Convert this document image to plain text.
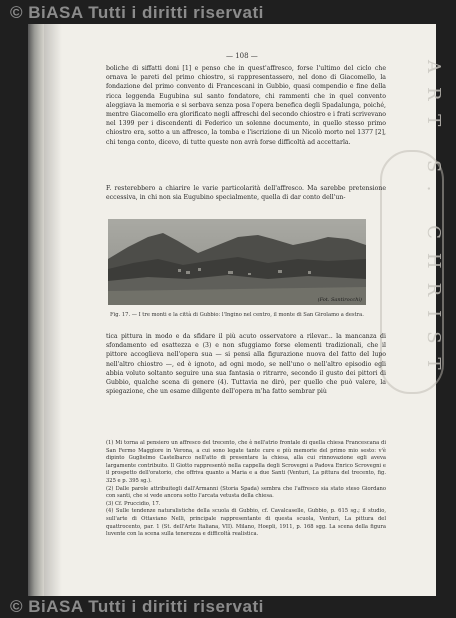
© BiASA Tutti i diritti riservati
ART S. CHRIST
— 108 —

boliche di siffatti doni [1] e penso che in quest'affresco, forse l'ultimo del ciclo che ornava le pareti del primo chiostro, si rappresentassero, nel dono di Giacomello, la fondazione del primo convento di Francescani in Gubbio, quasi compendio e fine della ricca leggenda Eugubina sul santo fondatore, chi rammenti che in quel convento aleggiava la memoria e si serbava senza posa l'opera benefica degli Spadalunga, poiché, mentre Giacomello era glorificato negli affreschi del secondo chiostro e i frati scrivevano nel 1399 per i discendenti di Federico un solenne documento, in quello stesso primo chiostro era, sotto a un affresco, la tomba e l'iscrizione di un Nicolò morto nel 1377 [2], chi tenga conto, dicevo, di tutte queste non avrà forse difficoltà ad accettarla.

F. resterebbero a chiarire le varie particolarità dell'affresco. Ma sarebbe pretensione eccessiva, in chi non sia Eugubino specialmente, quella di dar conto dell'un-

(Fot. Santirocchi)
Fig. 17. — I tre monti e la città di Gubbio: l'Ingino nel centro, il monte di San Girolamo a destra.

tica pittura in modo e da sfidare il più acuto osservatore a rilevar... la mancanza di sfondamento ed esattezza e (3) e non sfuggiamo forse elementi tradizionali, che il pittore accoglieva nell'opera sua — si pensi alla figurazione nuova del fatto del lupo nell'altro chiostro —, ed è ignoto, ad ogni modo, se nell'uno o nell'altro episodio egli abbia voluto soltanto seguire una sua fantasia o ritrarre, secondo il gusto dei pittori di Gubbio, qualche scena di genere (4). Tuttavia ne dirò, per quello che può valere, la spiegazione, che un esame diligente dell'opera m'ha fatto sembrar più

(1) Mi torna al pensiero un affresco del trecento, che è nell'atrio frontale di quella chiesa Francescana di San Fermo Maggiore in Verona, a cui sono legate tante cure e più memorie del primo mio sesto: v'è dipinto Guglielmo Castelbarco nell'atto di presentare la chiesa, alla cui rinnovazione egli aveva largamente contribuito. Il Giotto rappresentò nella cappella degli Scrovegni a Padova Enrico Scrovegni e il prospetto dell'oratorio, che offriva quanto a Maria e a due Santi (Venturi, La pittura del trecento, fig. 325 e p. 395 sg.).

(2) Dalle parole attribuitegli dall'Armanni (Storia Spada) sembra che l'affresco sia stato steso Giordano con santi, che si vede ancora sotto l'arcata vetusta della chiesa.

(3) Cf. Pruccidio, 17.

(4) Sulle tendenze naturalistiche della scuola di Gubbio, cf. Cavalcaselle, Gubbio, p. 615 sg.; il studio, sull'arte di Ottaviano Nelli, principale rappresentante di questa scuola, Venturi, La pittura del quattrocento, par. 1 (St. dell'Arte Italiana, VII). Milano, Hoepli, 1911, p. 168 sgg. La scena della figura luvente con la scena sulla tenerezza e difficoltà realistica.

© BiASA Tutti i diritti riservati
